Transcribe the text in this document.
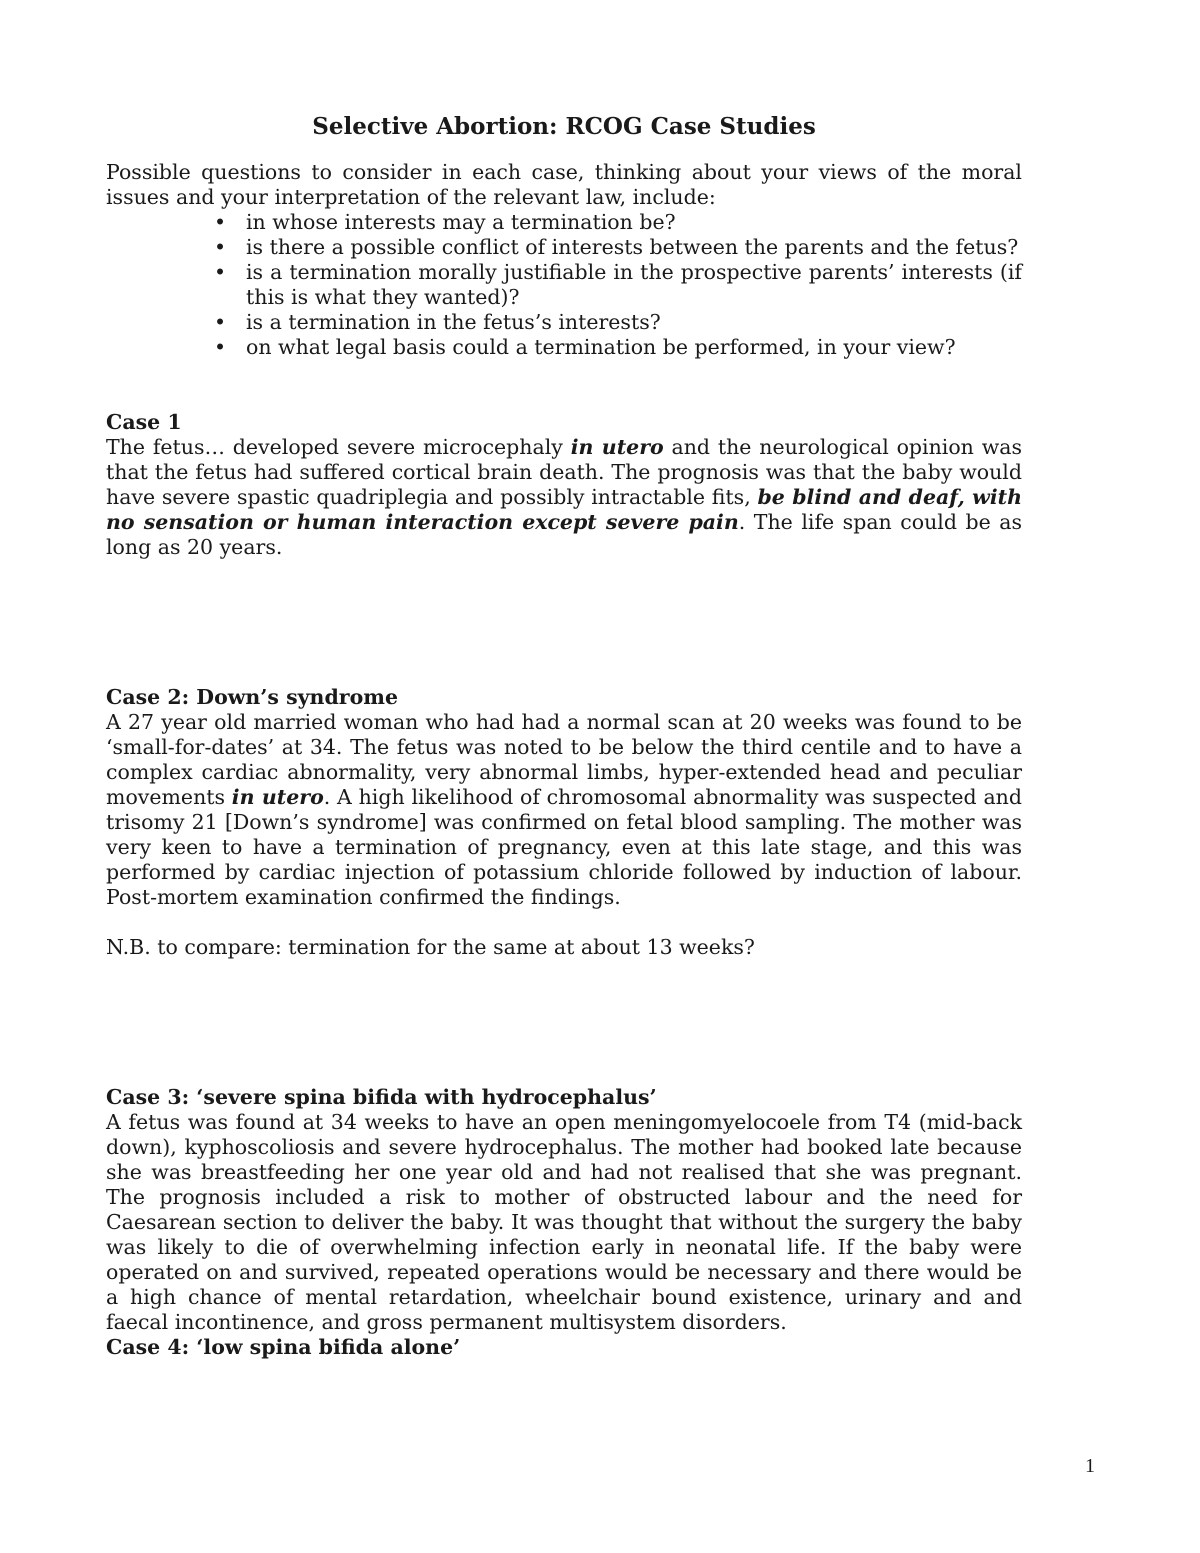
Selective Abortion: RCOG Case Studies

Possible questions to consider in each case, thinking about your views of the moral issues and your interpretation of the relevant law, include:

• in whose interests may a termination be?
• is there a possible conflict of interests between the parents and the fetus?
• is a termination morally justifiable in the prospective parents’ interests (if this is what they wanted)?
• is a termination in the fetus’s interests?
• on what legal basis could a termination be performed, in your view?

Case 1

The fetus… developed severe microcephaly in utero and the neurological opinion was that the fetus had suffered cortical brain death. The prognosis was that the baby would have severe spastic quadriplegia and possibly intractable fits, be blind and deaf, with no sensation or human interaction except severe pain. The life span could be as long as 20 years.

Case 2: Down’s syndrome

A 27 year old married woman who had had a normal scan at 20 weeks was found to be ‘small-for-dates’ at 34. The fetus was noted to be below the third centile and to have a complex cardiac abnormality, very abnormal limbs, hyper-extended head and peculiar movements in utero. A high likelihood of chromosomal abnormality was suspected and trisomy 21 [Down’s syndrome] was confirmed on fetal blood sampling. The mother was very keen to have a termination of pregnancy, even at this late stage, and this was performed by cardiac injection of potassium chloride followed by induction of labour. Post-mortem examination confirmed the findings.

N.B. to compare: termination for the same at about 13 weeks?

Case 3: ‘severe spina bifida with hydrocephalus’

A fetus was found at 34 weeks to have an open meningomyelocoele from T4 (mid-back down), kyphoscoliosis and severe hydrocephalus. The mother had booked late because she was breastfeeding her one year old and had not realised that she was pregnant. The prognosis included a risk to mother of obstructed labour and the need for Caesarean section to deliver the baby. It was thought that without the surgery the baby was likely to die of overwhelming infection early in neonatal life. If the baby were operated on and survived, repeated operations would be necessary and there would be a high chance of mental retardation, wheelchair bound existence, urinary and and faecal incontinence, and gross permanent multisystem disorders.

Case 4: ‘low spina bifida alone’

1
